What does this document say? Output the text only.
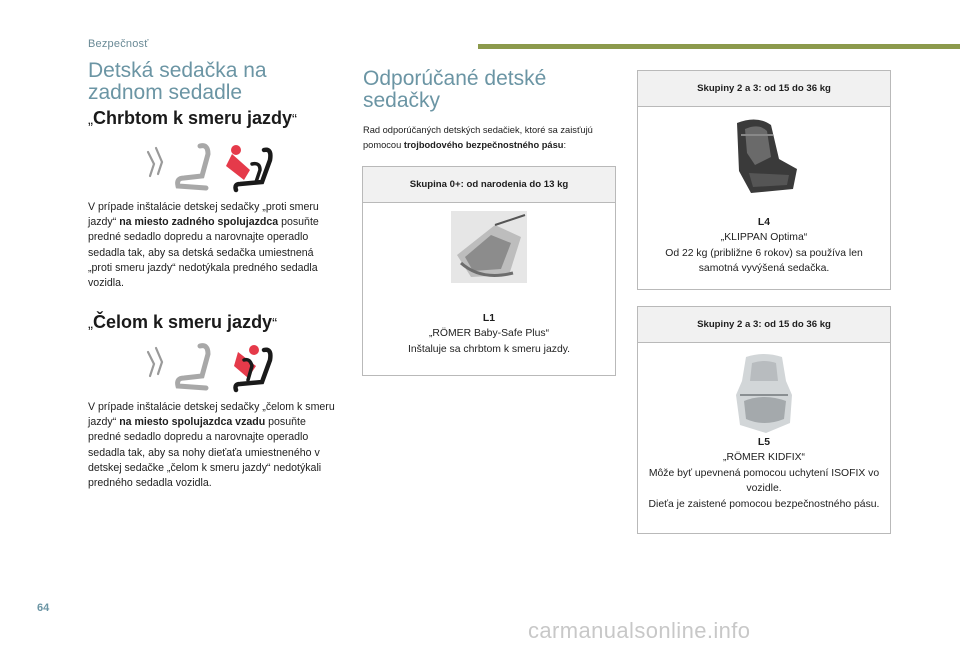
Bezpečnosť
Detská sedačka na zadnom sedadle
„Chrbtom k smeru jazdy“

V prípade inštalácie detskej sedačky „proti smeru jazdy“ na miesto zadného spolujazdca posuňte predné sedadlo dopredu a narovnajte operadlo sedadla tak, aby sa detská sedačka umiestnená „proti smeru jazdy“ nedotýkala predného sedadla vozidla.

„Čelom k smeru jazdy“

V prípade inštalácie detskej sedačky „čelom k smeru jazdy“ na miesto spolujazdca vzadu posuňte predné sedadlo dopredu a narovnajte operadlo sedadla tak, aby sa nohy dieťaťa umiestneného v detskej sedačke „čelom k smeru jazdy“ nedotýkali predného sedadla vozidla.

Odporúčané detské sedačky

Rad odporúčaných detských sedačiek, ktoré sa zaisťujú pomocou trojbodového bezpečnostného pásu:

Skupina 0+: od narodenia do 13 kg
L1
„RÖMER Baby-Safe Plus“
Inštaluje sa chrbtom k smeru jazdy.
Skupiny 2 a 3: od 15 do 36 kg
L4
„KLIPPAN Optima“
Od 22 kg (približne 6 rokov) sa používa len samotná vyvýšená sedačka.
Skupiny 2 a 3: od 15 do 36 kg
L5
„RÖMER KIDFIX“
Môže byť upevnená pomocou uchytení ISOFIX vo vozidle.
Dieťa je zaistené pomocou bezpečnostného pásu.
64
carmanualsonline.info
